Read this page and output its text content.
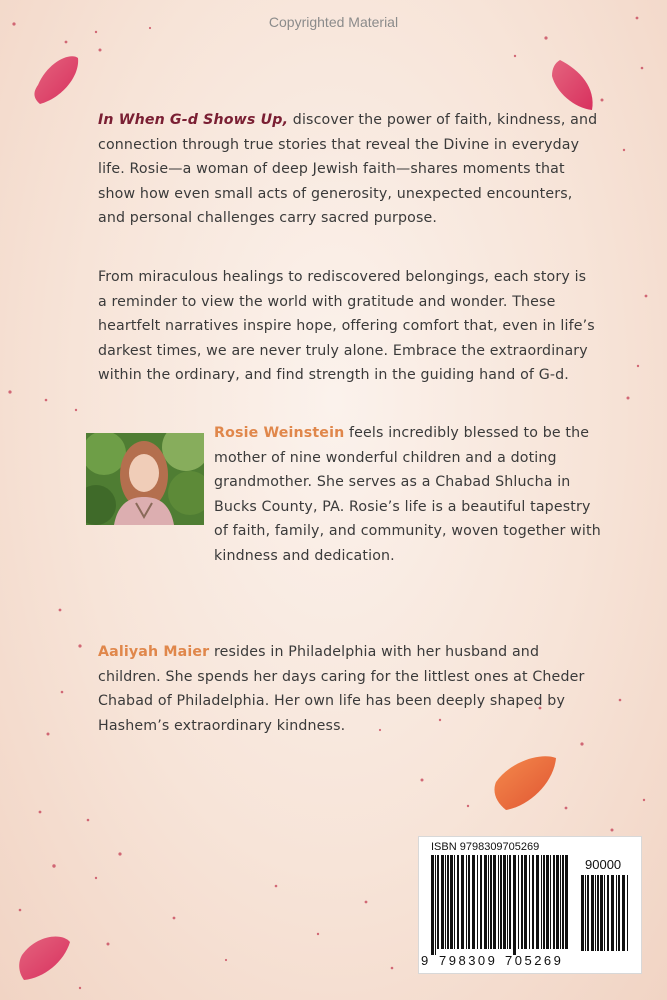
Copyrighted Material
In When G-d Shows Up, discover the power of faith, kindness, and connection through true stories that reveal the Divine in everyday life. Rosie—a woman of deep Jewish faith—shares moments that show how even small acts of generosity, unexpected encounters, and personal challenges carry sacred purpose.
From miraculous healings to rediscovered belongings, each story is a reminder to view the world with gratitude and wonder. These heartfelt narratives inspire hope, offering comfort that, even in life’s darkest times, we are never truly alone. Embrace the extraordinary within the ordinary, and find strength in the guiding hand of G-d.
Rosie Weinstein feels incredibly blessed to be the mother of nine wonderful children and a doting grandmother. She serves as a Chabad Shlucha in Bucks County, PA. Rosie’s life is a beautiful tapestry of faith, family, and community, woven together with kindness and dedication.
Aaliyah Maier resides in Philadelphia with her husband and children. She spends her days caring for the littlest ones at Cheder Chabad of Philadelphia. Her own life has been deeply shaped by Hashem’s extraordinary kindness.
ISBN 9798309705269
90000
9 798309 705269
